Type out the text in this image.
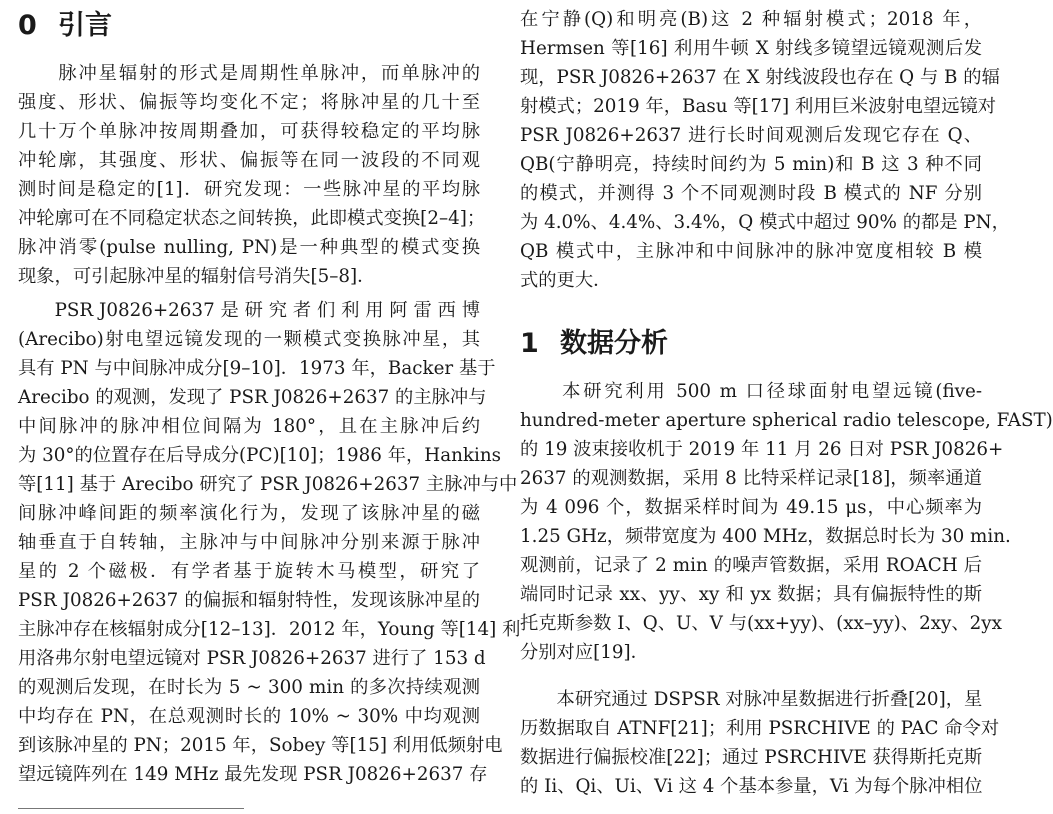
0 引言
　　脉冲星辐射的形式是周期性单脉冲，而单脉冲的
强度、形状、偏振等均变化不定；将脉冲星的几十至
几十万个单脉冲按周期叠加，可获得较稳定的平均脉
冲轮廓，其强度、形状、偏振等在同一波段的不同观
测时间是稳定的[1]．研究发现：一些脉冲星的平均脉
冲轮廓可在不同稳定状态之间转换，此即模式变换[2–4]；
脉冲消零(pulse nulling, PN)是一种典型的模式变换
现象，可引起脉冲星的辐射信号消失[5–8]．
　　PSR J0826+2637 是 研 究 者 们 利 用 阿 雷 西 博
(Arecibo)射电望远镜发现的一颗模式变换脉冲星，其
具有 PN 与中间脉冲成分[9–10]．1973 年，Backer 基于
Arecibo 的观测，发现了 PSR J0826+2637 的主脉冲与
中间脉冲的脉冲相位间隔为 180°，且在主脉冲后约
为 30°的位置存在后导成分(PC)[10]；1986 年，Hankins
等[11] 基于 Arecibo 研究了 PSR J0826+2637 主脉冲与中
间脉冲峰间距的频率演化行为，发现了该脉冲星的磁
轴垂直于自转轴，主脉冲与中间脉冲分别来源于脉冲
星的 2 个磁极．有学者基于旋转木马模型，研究了
PSR J0826+2637 的偏振和辐射特性，发现该脉冲星的
主脉冲存在核辐射成分[12–13]．2012 年，Young 等[14] 利
用洛弗尔射电望远镜对 PSR J0826+2637 进行了 153 d
的观测后发现，在时长为 5 ~ 300 min 的多次持续观测
中均存在 PN，在总观测时长的 10% ~ 30% 中均观测
到该脉冲星的 PN；2015 年，Sobey 等[15] 利用低频射电
望远镜阵列在 149 MHz 最先发现 PSR J0826+2637 存
在宁静(Q)和明亮(B)这 2 种辐射模式；2018 年，
Hermsen 等[16] 利用牛顿 X 射线多镜望远镜观测后发
现，PSR J0826+2637 在 X 射线波段也存在 Q 与 B 的辐
射模式；2019 年，Basu 等[17] 利用巨米波射电望远镜对
PSR J0826+2637 进行长时间观测后发现它存在 Q、
QB(宁静明亮，持续时间约为 5 min)和 B 这 3 种不同
的模式，并测得 3 个不同观测时段 B 模式的 NF 分别
为 4.0%、4.4%、3.4%，Q 模式中超过 90% 的都是 PN，
QB 模式中，主脉冲和中间脉冲的脉冲宽度相较 B 模
式的更大．
1 数据分析
　　本研究利用 500 m 口径球面射电望远镜(five-
hundred-meter aperture spherical radio telescope, FAST)
的 19 波束接收机于 2019 年 11 月 26 日对 PSR J0826+
2637 的观测数据，采用 8 比特采样记录[18]，频率通道
为 4 096 个，数据采样时间为 49.15 μs，中心频率为
1.25 GHz，频带宽度为 400 MHz，数据总时长为 30 min.
观测前，记录了 2 min 的噪声管数据，采用 ROACH 后
端同时记录 xx、yy、xy 和 yx 数据；具有偏振特性的斯
托克斯参数 I、Q、U、V 与(xx+yy)、(xx–yy)、2xy、2yx
分别对应[19]．
　　本研究通过 DSPSR 对脉冲星数据进行折叠[20]，星
历数据取自 ATNF[21]；利用 PSRCHIVE 的 PAC 命令对
数据进行偏振校准[22]；通过 PSRCHIVE 获得斯托克斯
的 Ii、Qi、Ui、Vi 这 4 个基本参量，Vi 为每个脉冲相位
